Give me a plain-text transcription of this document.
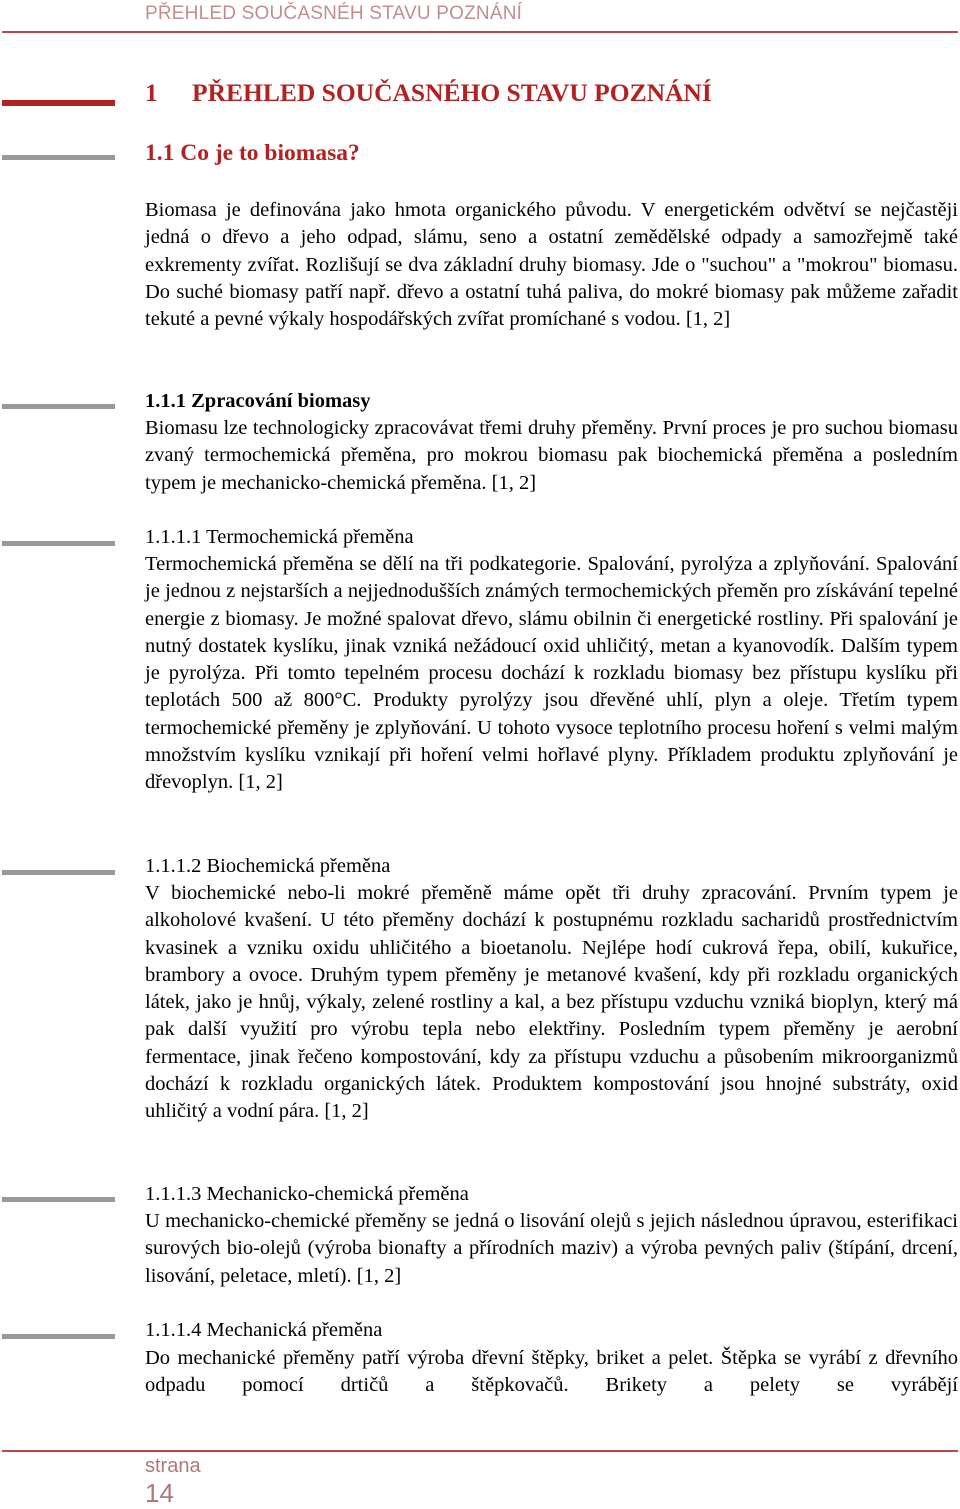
PŘEHLED SOUČASNÉH STAVU POZNÁNÍ
1 PŘEHLED SOUČASNÉHO STAVU POZNÁNÍ
1.1 Co je to biomasa?

Biomasa je definována jako hmota organického původu. V energetickém odvětví se nejčastěji jedná o dřevo a jeho odpad, slámu, seno a ostatní zemědělské odpady a samozřejmě také exkrementy zvířat. Rozlišují se dva základní druhy biomasy. Jde o "suchou" a "mokrou" biomasu. Do suché biomasy patří např. dřevo a ostatní tuhá paliva, do mokré biomasy pak můžeme zařadit tekuté a pevné výkaly hospodářských zvířat promíchané s vodou. [1, 2]

1.1.1 Zpracování biomasy

Biomasu lze technologicky zpracovávat třemi druhy přeměny. První proces je pro suchou biomasu zvaný termochemická přeměna, pro mokrou biomasu pak biochemická přeměna a posledním typem je mechanicko-chemická přeměna. [1, 2]

1.1.1.1 Termochemická přeměna

Termochemická přeměna se dělí na tři podkategorie. Spalování, pyrolýza a zplyňování. Spalování je jednou z nejstarších a nejjednodušších známých termochemických přeměn pro získávání tepelné energie z biomasy. Je možné spalovat dřevo, slámu obilnin či energetické rostliny. Při spalování je nutný dostatek kyslíku, jinak vzniká nežádoucí oxid uhličitý, metan a kyanovodík. Dalším typem je pyrolýza. Při tomto tepelném procesu dochází k rozkladu biomasy bez přístupu kyslíku při teplotách 500 až 800°C. Produkty pyrolýzy jsou dřevěné uhlí, plyn a oleje. Třetím typem termochemické přeměny je zplyňování. U tohoto vysoce teplotního procesu hoření s velmi malým množstvím kyslíku vznikají při hoření velmi hořlavé plyny. Příkladem produktu zplyňování je dřevoplyn. [1, 2]

1.1.1.2 Biochemická přeměna

V biochemické nebo-li mokré přeměně máme opět tři druhy zpracování. Prvním typem je alkoholové kvašení. U této přeměny dochází k postupnému rozkladu sacharidů prostřednictvím kvasinek a vzniku oxidu uhličitého a bioetanolu. Nejlépe hodí cukrová řepa, obilí, kukuřice, brambory a ovoce. Druhým typem přeměny je metanové kvašení, kdy při rozkladu organických látek, jako je hnůj, výkaly, zelené rostliny a kal, a bez přístupu vzduchu vzniká bioplyn, který má pak další využití pro výrobu tepla nebo elektřiny. Posledním typem přeměny je aerobní fermentace, jinak řečeno kompostování, kdy za přístupu vzduchu a působením mikroorganizmů dochází k rozkladu organických látek. Produktem kompostování jsou hnojné substráty, oxid uhličitý a vodní pára. [1, 2]

1.1.1.3 Mechanicko-chemická přeměna

U mechanicko-chemické přeměny se jedná o lisování olejů s jejich následnou úpravou, esterifikaci surových bio-olejů (výroba bionafty a přírodních maziv) a výroba pevných paliv (štípání, drcení, lisování, peletace, mletí). [1, 2]

1.1.1.4 Mechanická přeměna

Do mechanické přeměny patří výroba dřevní štěpky, briket a pelet. Štěpka se vyrábí z dřevního odpadu pomocí drtičů a štěpkovačů. Brikety a pelety se vyrábějí

strana
14
